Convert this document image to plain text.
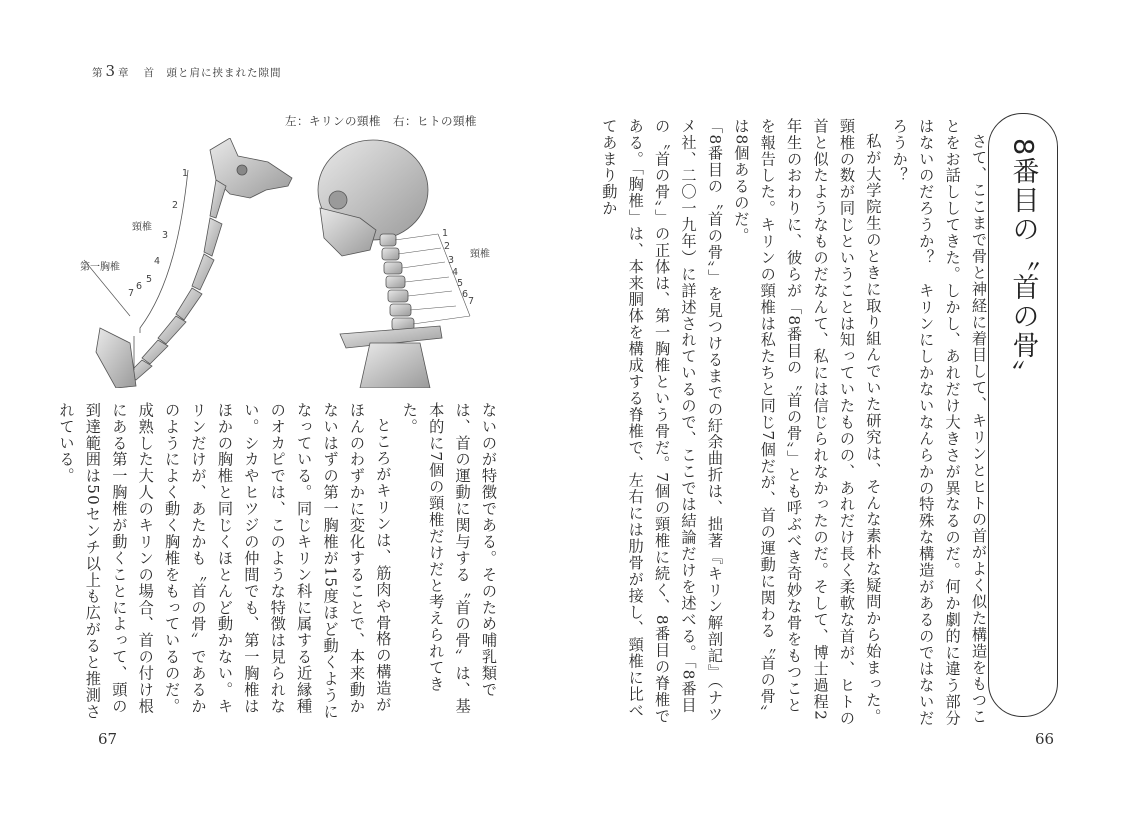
第 3 章 首　頭と肩に挟まれた隙間
左：キリンの頸椎　右：ヒトの頸椎
頸椎
第一胸椎
1
2
3
4
5
6
7
頸椎
1
2
3
4
5
6
7

ないのが特徴である。そのため哺乳類では、首の運動に関与する〝首の骨〟は、基本的に7個の頸椎だけだと考えられてきた。

ところがキリンは、筋肉や骨格の構造がほんのわずかに変化することで、本来動かないはずの第一胸椎が15度ほど動くようになっている。同じキリン科に属する近縁種のオカピでは、このような特徴は見られない。シカやヒツジの仲間でも、第一胸椎はほかの胸椎と同じくほとんど動かない。キリンだけが、あたかも〝首の骨〟であるかのようによく動く胸椎をもっているのだ。成熟した大人のキリンの場合、首の付け根にある第一胸椎が動くことによって、頭の到達範囲は50センチ以上も広がると推測されている。

67
8番目の〝首の骨〟

さて、ここまで骨と神経に着目して、キリンとヒトの首がよく似た構造をもつことをお話ししてきた。しかし、あれだけ大きさが異なるのだ。何か劇的に違う部分はないのだろうか？　キリンにしかないなんらかの特殊な構造があるのではないだろうか？

私が大学院生のときに取り組んでいた研究は、そんな素朴な疑問から始まった。頸椎の数が同じということは知っていたものの、あれだけ長く柔軟な首が、ヒトの首と似たようなものだなんて、私には信じられなかったのだ。そして、博士過程2年生のおわりに、彼らが「8番目の〝首の骨〟」とも呼ぶべき奇妙な骨をもつことを報告した。キリンの頸椎は私たちと同じ7個だが、首の運動に関わる〝首の骨〟は8個あるのだ。

「8番目の〝首の骨〟」を見つけるまでの紆余曲折は、拙著『キリン解剖記』（ナツメ社、二〇一九年）に詳述されているので、ここでは結論だけを述べる。「8番目の〝首の骨〟」の正体は、第一胸椎という骨だ。7個の頸椎に続く、8番目の脊椎である。「胸椎」は、本来胴体を構成する脊椎で、左右には肋骨が接し、頸椎に比べてあまり動か

66
